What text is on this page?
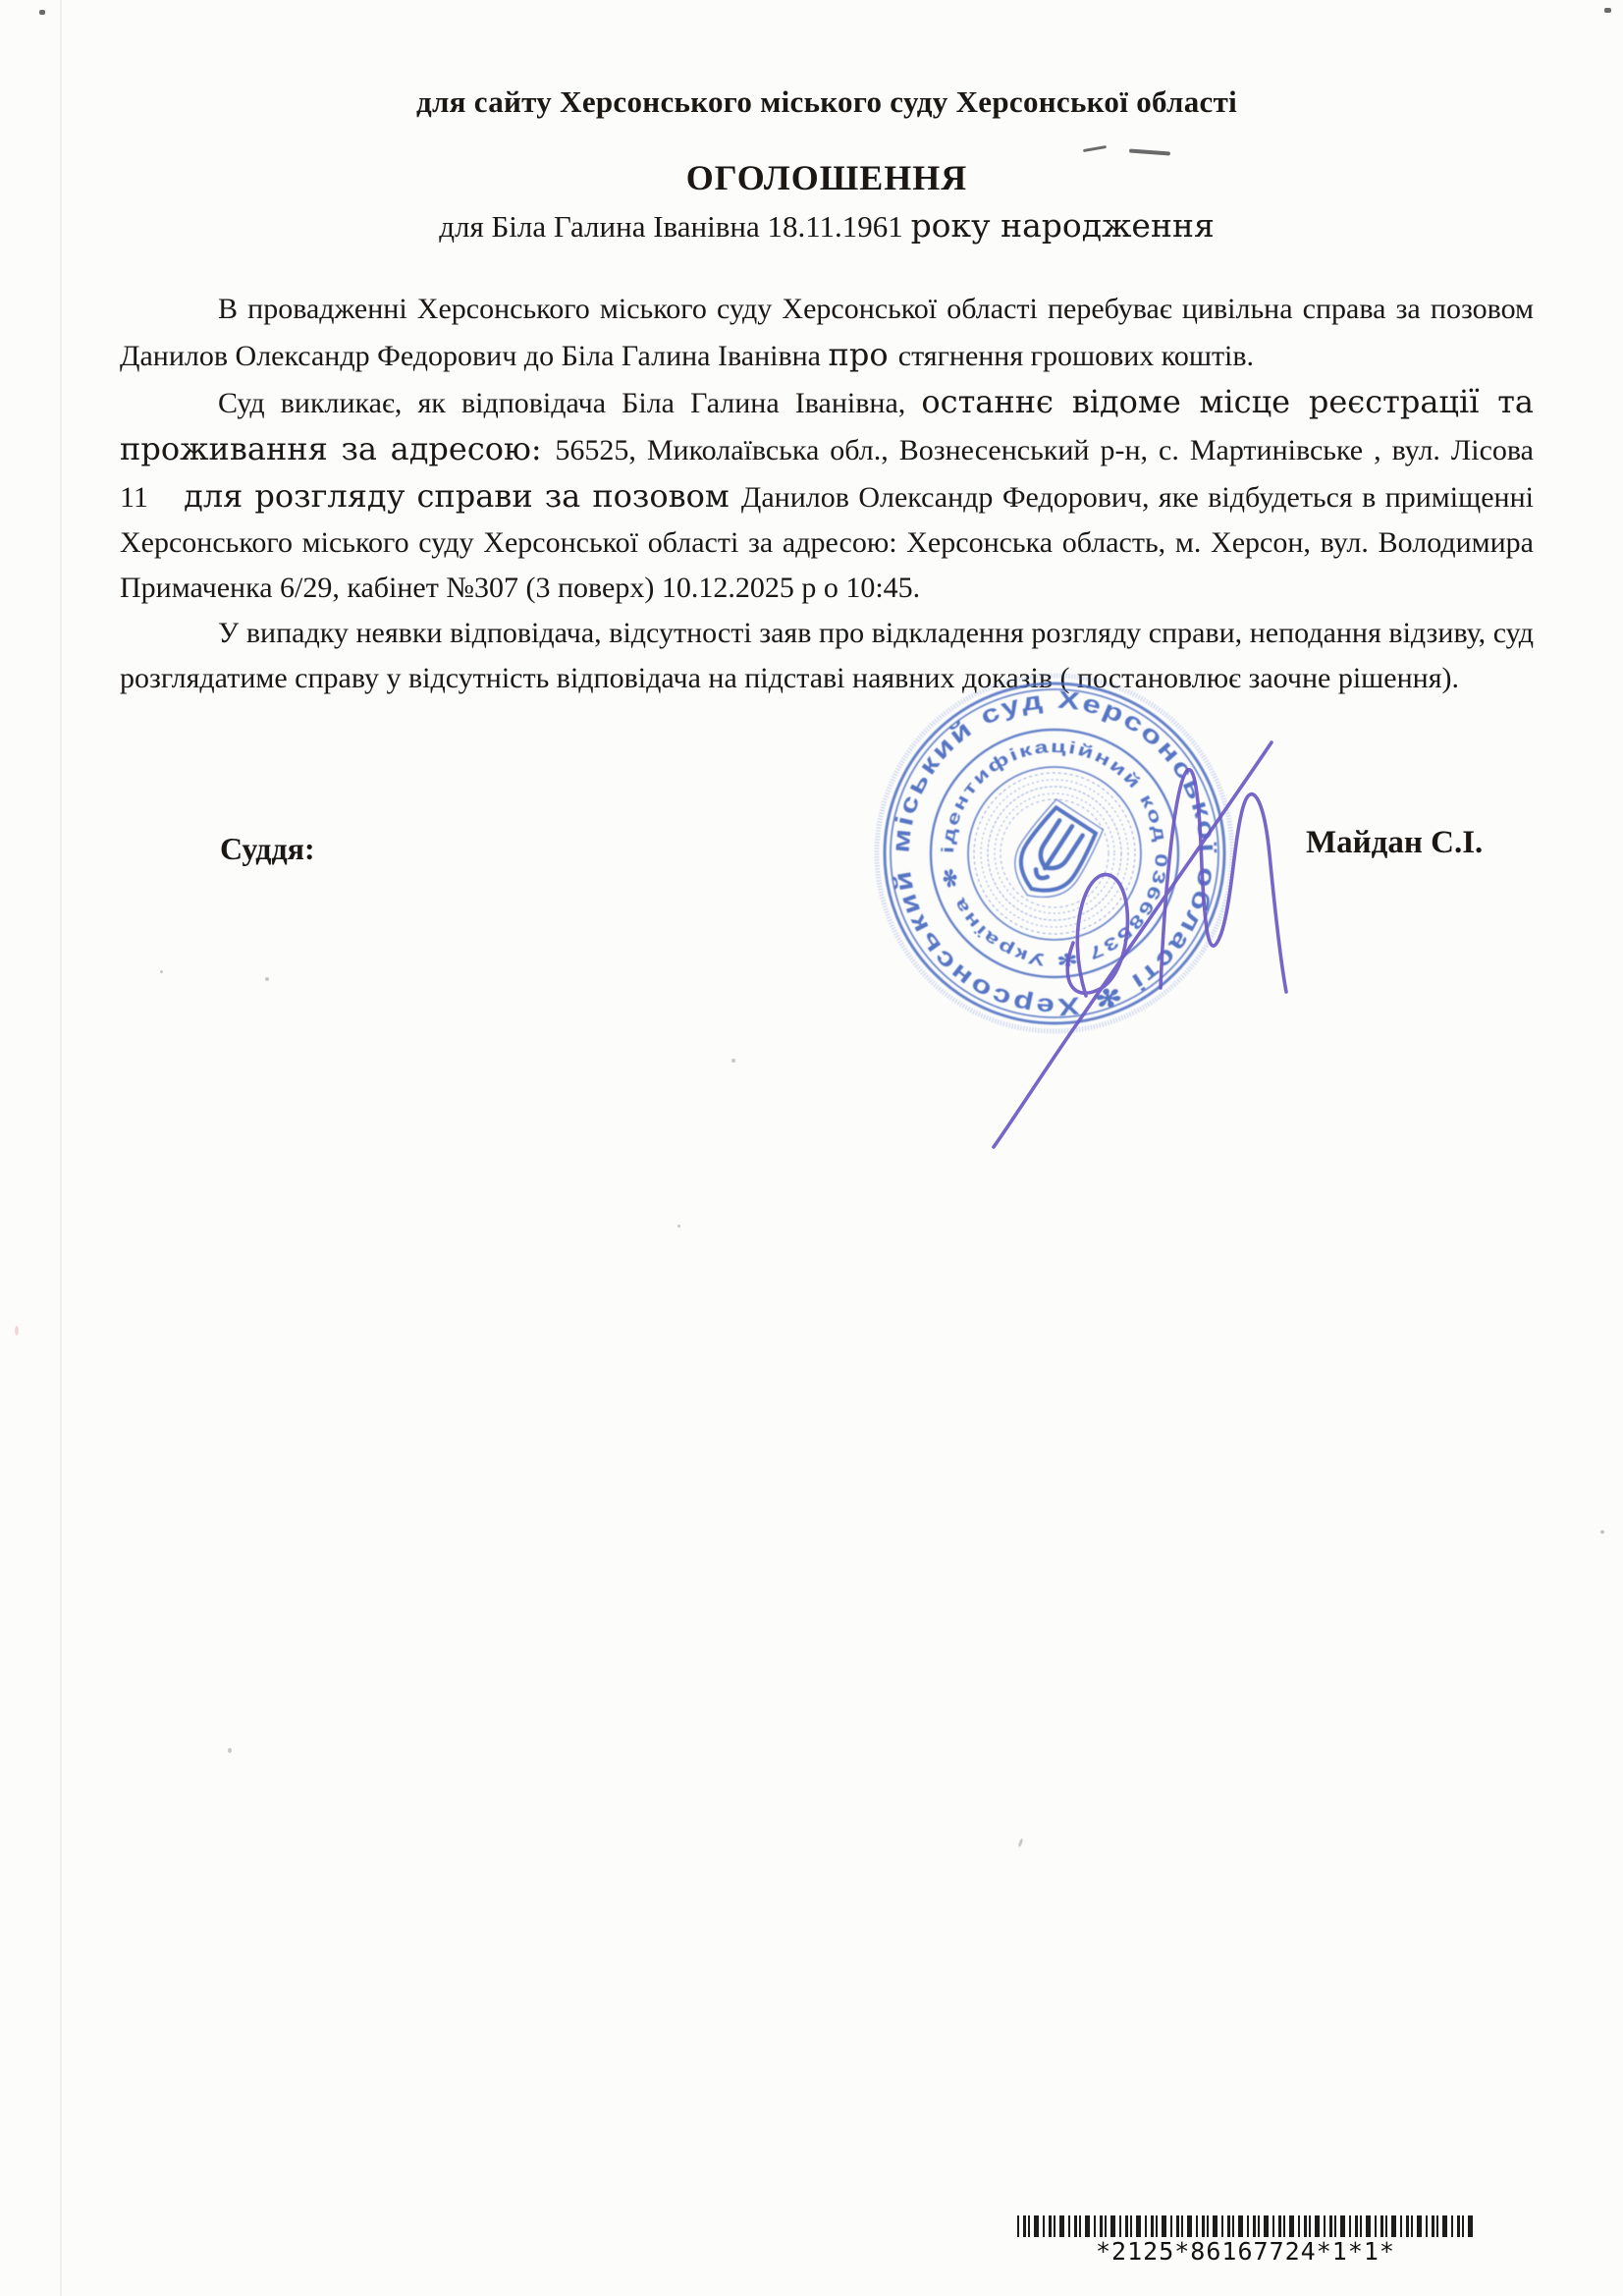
для сайту Херсонського міського суду Херсонської області
ОГОЛОШЕННЯ
для Біла Галина Іванівна 18.11.1961 року народження

В провадженні Херсонського міського суду Херсонської області перебуває цивільна справа за позовом Данилов Олександр Федорович до Біла Галина Іванівна про стягнення грошових коштів.

Суд викликає, як відповідача Біла Галина Іванівна, останнє відоме місце реєстрації та проживання за адресою: 56525, Миколаївська обл., Вознесенський р-н, с. Мартинівське , вул. Лісова 11   для розгляду справи за позовом Данилов Олександр Федорович, яке відбудеться в приміщенні Херсонського міського суду Херсонської області за адресою: Херсонська область, м. Херсон, вул. Володимира Примаченка 6/29, кабінет №307 (3 поверх) 10.12.2025 р о 10:45.

У випадку неявки відповідача, відсутності заяв про відкладення розгляду справи, неподання відзиву, суд розглядатиме справу у відсутність відповідача на підставі наявних доказів ( постановлює заочне рішення).

Суддя:	Майдан С.І.
міський суд Херсонської області ✻ Херсонський
ідентифікаційний код 03668537 ✻ Україна ✻
*2125*86167724*1*1*
